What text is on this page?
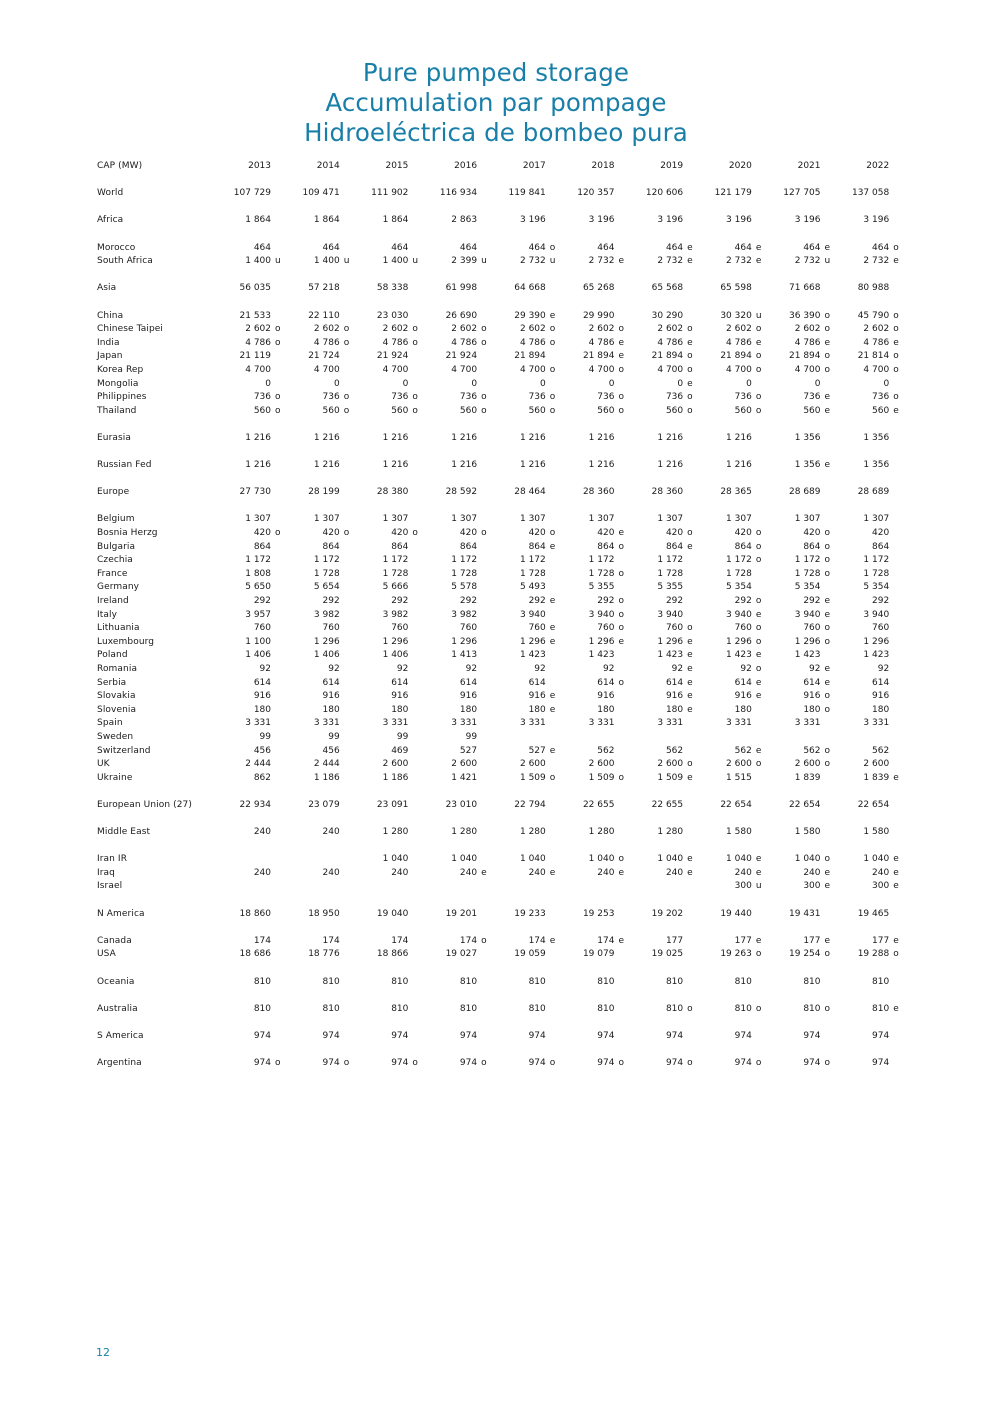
Pure pumped storage
Accumulation par pompage
Hidroeléctrica de bombeo pura
CAP (MW)	2013		2014		2015		2016		2017		2018		2019		2020		2021		2022	

World	107 729		109 471		111 902		116 934		119 841		120 357		120 606		121 179		127 705		137 058	

Africa	1 864		1 864		1 864		2 863		3 196		3 196		3 196		3 196		3 196		3 196	

Morocco	464		464		464		464		464	o	464		464	e	464	e	464	e	464	o
South Africa	1 400	u	1 400	u	1 400	u	2 399	u	2 732	u	2 732	e	2 732	e	2 732	e	2 732	u	2 732	e

Asia	56 035		57 218		58 338		61 998		64 668		65 268		65 568		65 598		71 668		80 988	

China	21 533		22 110		23 030		26 690		29 390	e	29 990		30 290		30 320	u	36 390	o	45 790	o
Chinese Taipei	2 602	o	2 602	o	2 602	o	2 602	o	2 602	o	2 602	o	2 602	o	2 602	o	2 602	o	2 602	o
India	4 786	o	4 786	o	4 786	o	4 786	o	4 786	o	4 786	e	4 786	e	4 786	e	4 786	e	4 786	e
Japan	21 119		21 724		21 924		21 924		21 894		21 894	e	21 894	o	21 894	o	21 894	o	21 814	o
Korea Rep	4 700		4 700		4 700		4 700		4 700	o	4 700	o	4 700	o	4 700	o	4 700	o	4 700	o
Mongolia	0		0		0		0		0		0		0	e	0		0		0	
Philippines	736	o	736	o	736	o	736	o	736	o	736	o	736	o	736	o	736	e	736	o
Thailand	560	o	560	o	560	o	560	o	560	o	560	o	560	o	560	o	560	e	560	e

Eurasia	1 216		1 216		1 216		1 216		1 216		1 216		1 216		1 216		1 356		1 356	

Russian Fed	1 216		1 216		1 216		1 216		1 216		1 216		1 216		1 216		1 356	e	1 356	

Europe	27 730		28 199		28 380		28 592		28 464		28 360		28 360		28 365		28 689		28 689	

Belgium	1 307		1 307		1 307		1 307		1 307		1 307		1 307		1 307		1 307		1 307	
Bosnia Herzg	420	o	420	o	420	o	420	o	420	o	420	e	420	o	420	o	420	o	420	
Bulgaria	864		864		864		864		864	e	864	o	864	e	864	o	864	o	864	
Czechia	1 172		1 172		1 172		1 172		1 172		1 172		1 172		1 172	o	1 172	o	1 172	
France	1 808		1 728		1 728		1 728		1 728		1 728	o	1 728		1 728		1 728	o	1 728	
Germany	5 650		5 654		5 666		5 578		5 493		5 355		5 355		5 354		5 354		5 354	
Ireland	292		292		292		292		292	e	292	o	292		292	o	292	e	292	
Italy	3 957		3 982		3 982		3 982		3 940		3 940	o	3 940		3 940	e	3 940	e	3 940	
Lithuania	760		760		760		760		760	e	760	o	760	o	760	o	760	o	760	
Luxembourg	1 100		1 296		1 296		1 296		1 296	e	1 296	e	1 296	e	1 296	o	1 296	o	1 296	
Poland	1 406		1 406		1 406		1 413		1 423		1 423		1 423	e	1 423	e	1 423		1 423	
Romania	92		92		92		92		92		92		92	e	92	o	92	e	92	
Serbia	614		614		614		614		614		614	o	614	e	614	e	614	e	614	
Slovakia	916		916		916		916		916	e	916		916	e	916	e	916	o	916	
Slovenia	180		180		180		180		180	e	180		180	e	180		180	o	180	
Spain	3 331		3 331		3 331		3 331		3 331		3 331		3 331		3 331		3 331		3 331	
Sweden	99		99		99		99													
Switzerland	456		456		469		527		527	e	562		562		562	e	562	o	562	
UK	2 444		2 444		2 600		2 600		2 600		2 600		2 600	o	2 600	o	2 600	o	2 600	
Ukraine	862		1 186		1 186		1 421		1 509	o	1 509	o	1 509	e	1 515		1 839		1 839	e

European Union (27)	22 934		23 079		23 091		23 010		22 794		22 655		22 655		22 654		22 654		22 654	

Middle East	240		240		1 280		1 280		1 280		1 280		1 280		1 580		1 580		1 580	

Iran IR					1 040		1 040		1 040		1 040	o	1 040	e	1 040	e	1 040	o	1 040	e
Iraq	240		240		240		240	e	240	e	240	e	240	e	240	e	240	e	240	e
Israel															300	u	300	e	300	e

N America	18 860		18 950		19 040		19 201		19 233		19 253		19 202		19 440		19 431		19 465	

Canada	174		174		174		174	o	174	e	174	e	177		177	e	177	e	177	e
USA	18 686		18 776		18 866		19 027		19 059		19 079		19 025		19 263	o	19 254	o	19 288	o

Oceania	810		810		810		810		810		810		810		810		810		810	

Australia	810		810		810		810		810		810		810	o	810	o	810	o	810	e

S America	974		974		974		974		974		974		974		974		974		974	

Argentina	974	o	974	o	974	o	974	o	974	o	974	o	974	o	974	o	974	o	974	
12
